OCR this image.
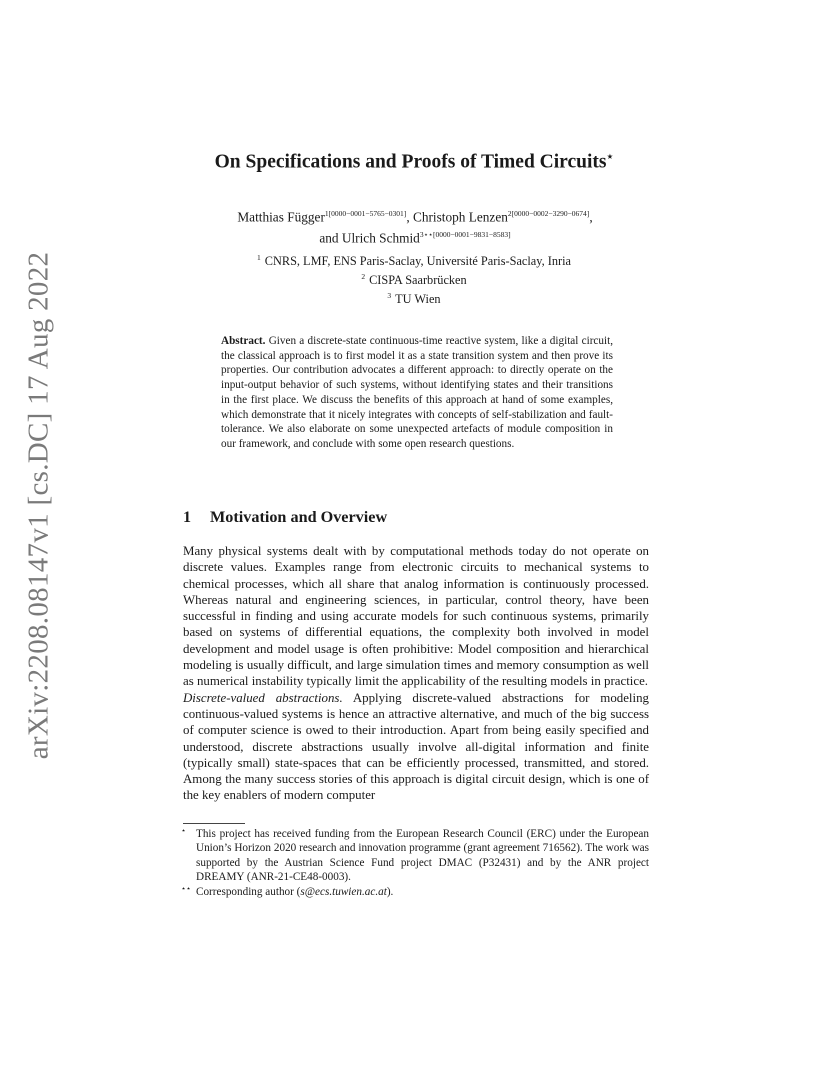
arXiv:2208.08147v1 [cs.DC] 17 Aug 2022
On Specifications and Proofs of Timed Circuits⋆
Matthias Függer$^{1[0000-0001-5765-0301]}$, Christoph Lenzen$^{2[0000-0002-3290-0674]}$,
and Ulrich Schmid$^{3⋆⋆[0000-0001-9831-8583]}$
$^1$ CNRS, LMF, ENS Paris-Saclay, Université Paris-Saclay, Inria
$^2$ CISPA Saarbrücken
$^3$ TU Wien
Abstract. Given a discrete-state continuous-time reactive system, like a digital circuit, the classical approach is to first model it as a state transition system and then prove its properties. Our contribution advocates a different approach: to directly operate on the input-output behavior of such systems, without identifying states and their transitions in the first place. We discuss the benefits of this approach at hand of some examples, which demonstrate that it nicely integrates with concepts of self-stabilization and fault-tolerance. We also elaborate on some unexpected artefacts of module composition in our framework, and conclude with some open research questions.
1 Motivation and Overview

Many physical systems dealt with by computational methods today do not operate on discrete values. Examples range from electronic circuits to mechanical systems to chemical processes, which all share that analog information is continuously processed. Whereas natural and engineering sciences, in particular, control theory, have been successful in finding and using accurate models for such continuous systems, primarily based on systems of differential equations, the complexity both involved in model development and model usage is often prohibitive: Model composition and hierarchical modeling is usually difficult, and large simulation times and memory consumption as well as numerical instability typically limit the applicability of the resulting models in practice.

Discrete-valued abstractions. Applying discrete-valued abstractions for modeling continuous-valued systems is hence an attractive alternative, and much of the big success of computer science is owed to their introduction. Apart from being easily specified and understood, discrete abstractions usually involve all-digital information and finite (typically small) state-spaces that can be efficiently processed, transmitted, and stored. Among the many success stories of this approach is digital circuit design, which is one of the key enablers of modern computer

⋆ This project has received funding from the European Research Council (ERC) under the European Union’s Horizon 2020 research and innovation programme (grant agreement 716562). The work was supported by the Austrian Science Fund project DMAC (P32431) and by the ANR project DREAMY (ANR-21-CE48-0003).
⋆⋆ Corresponding author (s@ecs.tuwien.ac.at).
